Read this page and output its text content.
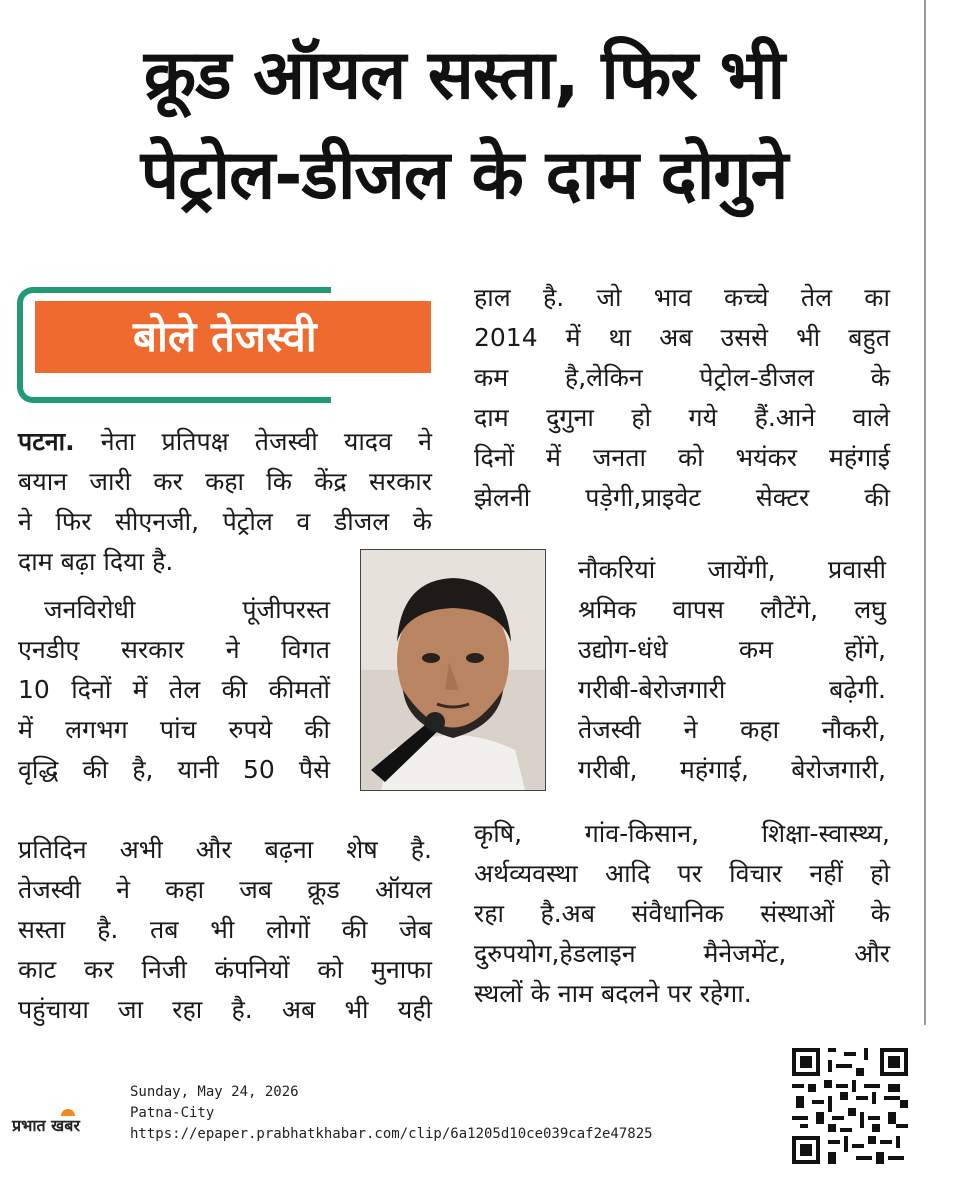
क्रूड ऑयल सस्ता, फिर भी
पेट्रोल-डीजल के दाम दोगुने
बोले तेजस्वी
पटना. नेता प्रतिपक्ष तेजस्वी यादव ने
बयान जारी कर कहा कि केंद्र सरकार
ने फिर सीएनजी, पेट्रोल व डीजल के
दाम बढ़ा दिया है.
जनविरोधी पूंजीपरस्त
एनडीए सरकार ने विगत
10 दिनों में तेल की कीमतों
में लगभग पांच रुपये की
वृद्धि की है, यानी 50 पैसे
प्रतिदिन अभी और बढ़ना शेष है.
तेजस्वी ने कहा जब क्रूड ऑयल
सस्ता है. तब भी लोगों की जेब
काट कर निजी कंपनियों को मुनाफा
पहुंचाया जा रहा है. अब भी यही
हाल है. जो भाव कच्चे तेल का
2014 में था अब उससे भी बहुत
कम है,लेकिन पेट्रोल-डीजल के
दाम दुगुना हो गये हैं.आने वाले
दिनों में जनता को भयंकर महंगाई
झेलनी पड़ेगी,प्राइवेट सेक्टर की
नौकरियां जायेंगी, प्रवासी
श्रमिक वापस लौटेंगे, लघु
उद्योग-धंधे कम होंगे,
गरीबी-बेरोजगारी बढ़ेगी.
तेजस्वी ने कहा नौकरी,
गरीबी, महंगाई, बेरोजगारी,
कृषि, गांव-किसान, शिक्षा-स्वास्थ्य,
अर्थव्यवस्था आदि पर विचार नहीं हो
रहा है.अब संवैधानिक संस्थाओं के
दुरुपयोग,हेडलाइन मैनेजमेंट, और
स्थलों के नाम बदलने पर रहेगा.
प्रभात खबर
Sunday, May 24, 2026
Patna-City
https://epaper.prabhatkhabar.com/clip/6a1205d10ce039caf2e47825
